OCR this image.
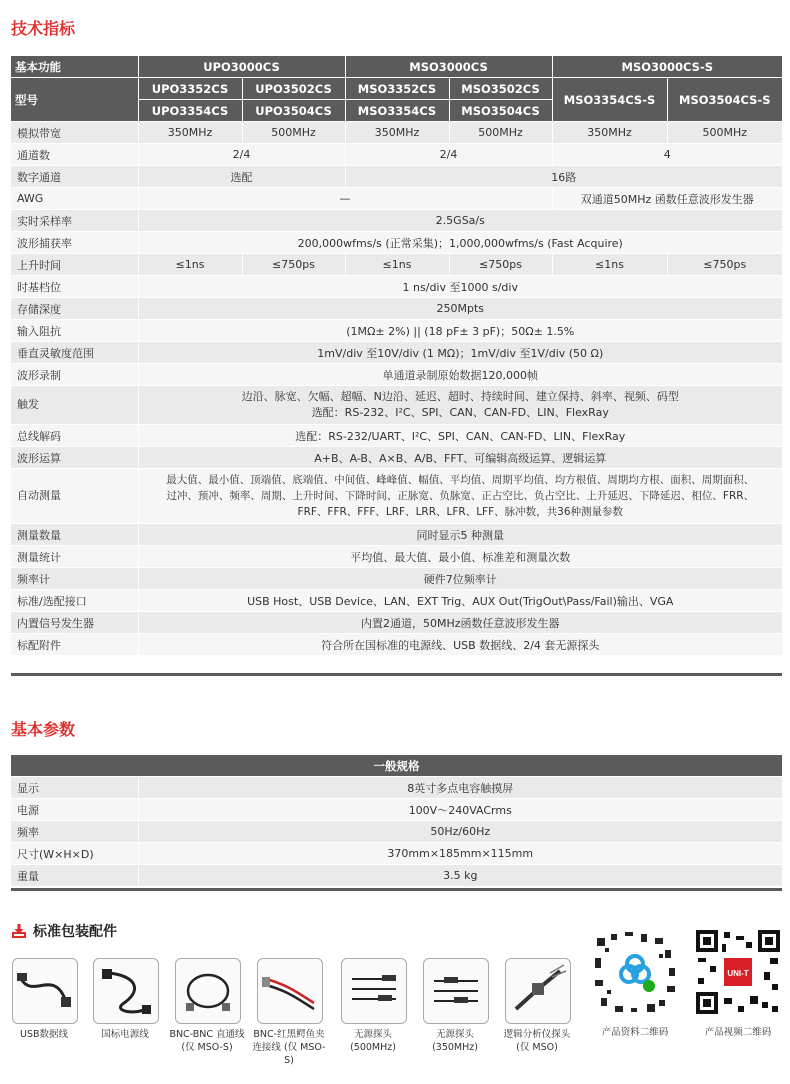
技术指标
基本功能	UPO3000CS		MSO3000CS		MSO3000CS-S	
型号	UPO3352CS	UPO3502CS	MSO3352CS	MSO3502CS	MSO3354CS-S	MSO3504CS-S
	UPO3354CS	UPO3504CS	MSO3354CS	MSO3504CS		
模拟带宽	350MHz	500MHz	350MHz	500MHz	350MHz	500MHz
通道数	2/4		2/4		4	
数字通道	选配		16路			
AWG	—				双通道50MHz 函数任意波形发生器	
实时采样率	2.5GSa/s					
波形捕获率	200,000wfms/s (正常采集)；1,000,000wfms/s (Fast Acquire)					
上升时间	≤1ns	≤750ps	≤1ns	≤750ps	≤1ns	≤750ps
时基档位	1 ns/div 至1000 s/div					
存储深度	250Mpts					
输入阻抗	(1MΩ± 2%) || (18 pF± 3 pF)；50Ω± 1.5%					
垂直灵敏度范围	1mV/div 至10V/div (1 MΩ)；1mV/div 至1V/div (50 Ω)					
波形录制	单通道录制原始数据120,000帧					
触发	边沿、脉宽、欠幅、超幅、N边沿、延迟、超时、持续时间、建立保持、斜率、视频、码型
选配：RS-232、I²C、SPI、CAN、CAN-FD、LIN、FlexRay					

总线解码	选配：RS-232/UART、I²C、SPI、CAN、CAN-FD、LIN、FlexRay					
波形运算	A+B、A-B、A×B、A/B、FFT、可编辑高级运算、逻辑运算					
自动测量	最大值、最小值、顶端值、底端值、中间值、峰峰值、幅值、平均值、周期平均值、均方根值、周期均方根、面积、周期面积、
过冲、预冲、频率、周期、上升时间、下降时间、正脉宽、负脉宽、正占空比、负占空比、上升延迟、下降延迟、相位、FRR、
FRF、FFR、FFF、LRF、LRR、LFR、LFF、脉冲数，共36种测量参数					

测量数量	同时显示5 种测量					
测量统计	平均值、最大值、最小值、标准差和测量次数					
频率计	硬件7位频率计					
标准/选配接口	USB Host、USB Device、LAN、EXT Trig、AUX Out(TrigOut\Pass/Fail)输出、VGA					
内置信号发生器	内置2通道，50MHz函数任意波形发生器					
标配附件	符合所在国标准的电源线、USB 数据线、2/4 套无源探头					
基本参数
一般规格	
显示	8英寸多点电容触摸屏
电源	100V～240VACrms
频率	50Hz/60Hz
尺寸(W×H×D)	370mm×185mm×115mm
重量	3.5 kg
标准包装配件
USB数据线	国标电源线	BNC-BNC 直通线
(仅 MSO-S)
BNC-红黑鳄鱼夹
连接线 (仅 MSO-S)
无源探头
(500MHz)
无源探头
(350MHz)
逻辑分析仪探头
(仅 MSO)
UNI-T
产品资料二维码	产品视频二维码
